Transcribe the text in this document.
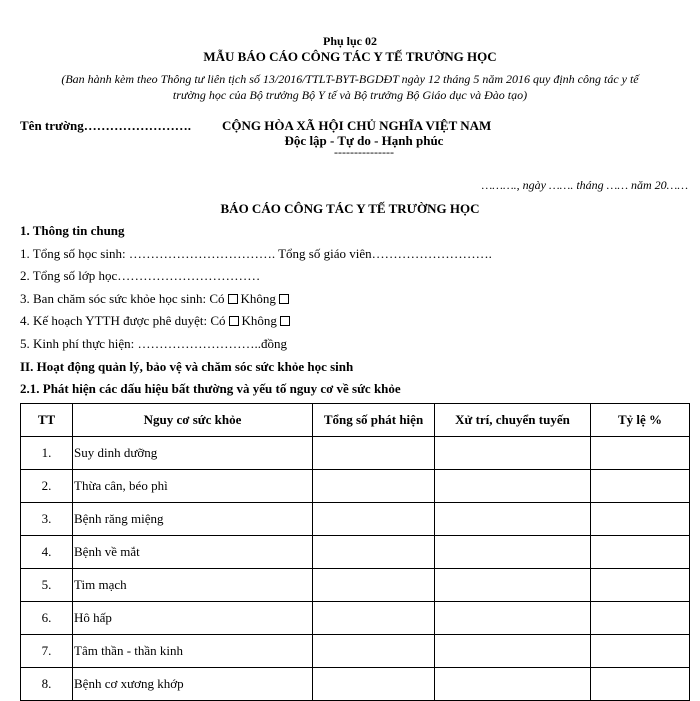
Phụ lục 02
MẪU BÁO CÁO CÔNG TÁC Y TẾ TRƯỜNG HỌC
(Ban hành kèm theo Thông tư liên tịch số 13/2016/TTLT-BYT-BGDĐT ngày 12 tháng 5 năm 2016 quy định công tác y tế
trường học của Bộ trưởng Bộ Y tế và Bộ trưởng Bộ Giáo dục và Đào tạo)
Tên trường……………………. CỘNG HÒA XÃ HỘI CHỦ NGHĨA VIỆT NAM
Độc lập - Tự do - Hạnh phúc
---------------
………., ngày ……. tháng …… năm 20……
BÁO CÁO CÔNG TÁC Y TẾ TRƯỜNG HỌC
1. Thông tin chung
1. Tổng số học sinh: ……………………………. Tổng số giáo viên……………………….
2. Tổng số lớp học……………………………
3. Ban chăm sóc sức khỏe học sinh: Có Không
4. Kế hoạch YTTH được phê duyệt: Có Không
5. Kinh phí thực hiện: ………………………..đồng
II. Hoạt động quản lý, bảo vệ và chăm sóc sức khỏe học sinh
2.1. Phát hiện các dấu hiệu bất thường và yếu tố nguy cơ về sức khỏe
TT	Nguy cơ sức khỏe	Tổng số phát hiện	Xử trí, chuyển tuyến	Tỷ lệ %
1.	Suy dinh dưỡng			
2.	Thừa cân, béo phì			
3.	Bệnh răng miệng			
4.	Bệnh về mắt			
5.	Tim mạch			
6.	Hô hấp			
7.	Tâm thần - thần kinh			
8.	Bệnh cơ xương khớp			
